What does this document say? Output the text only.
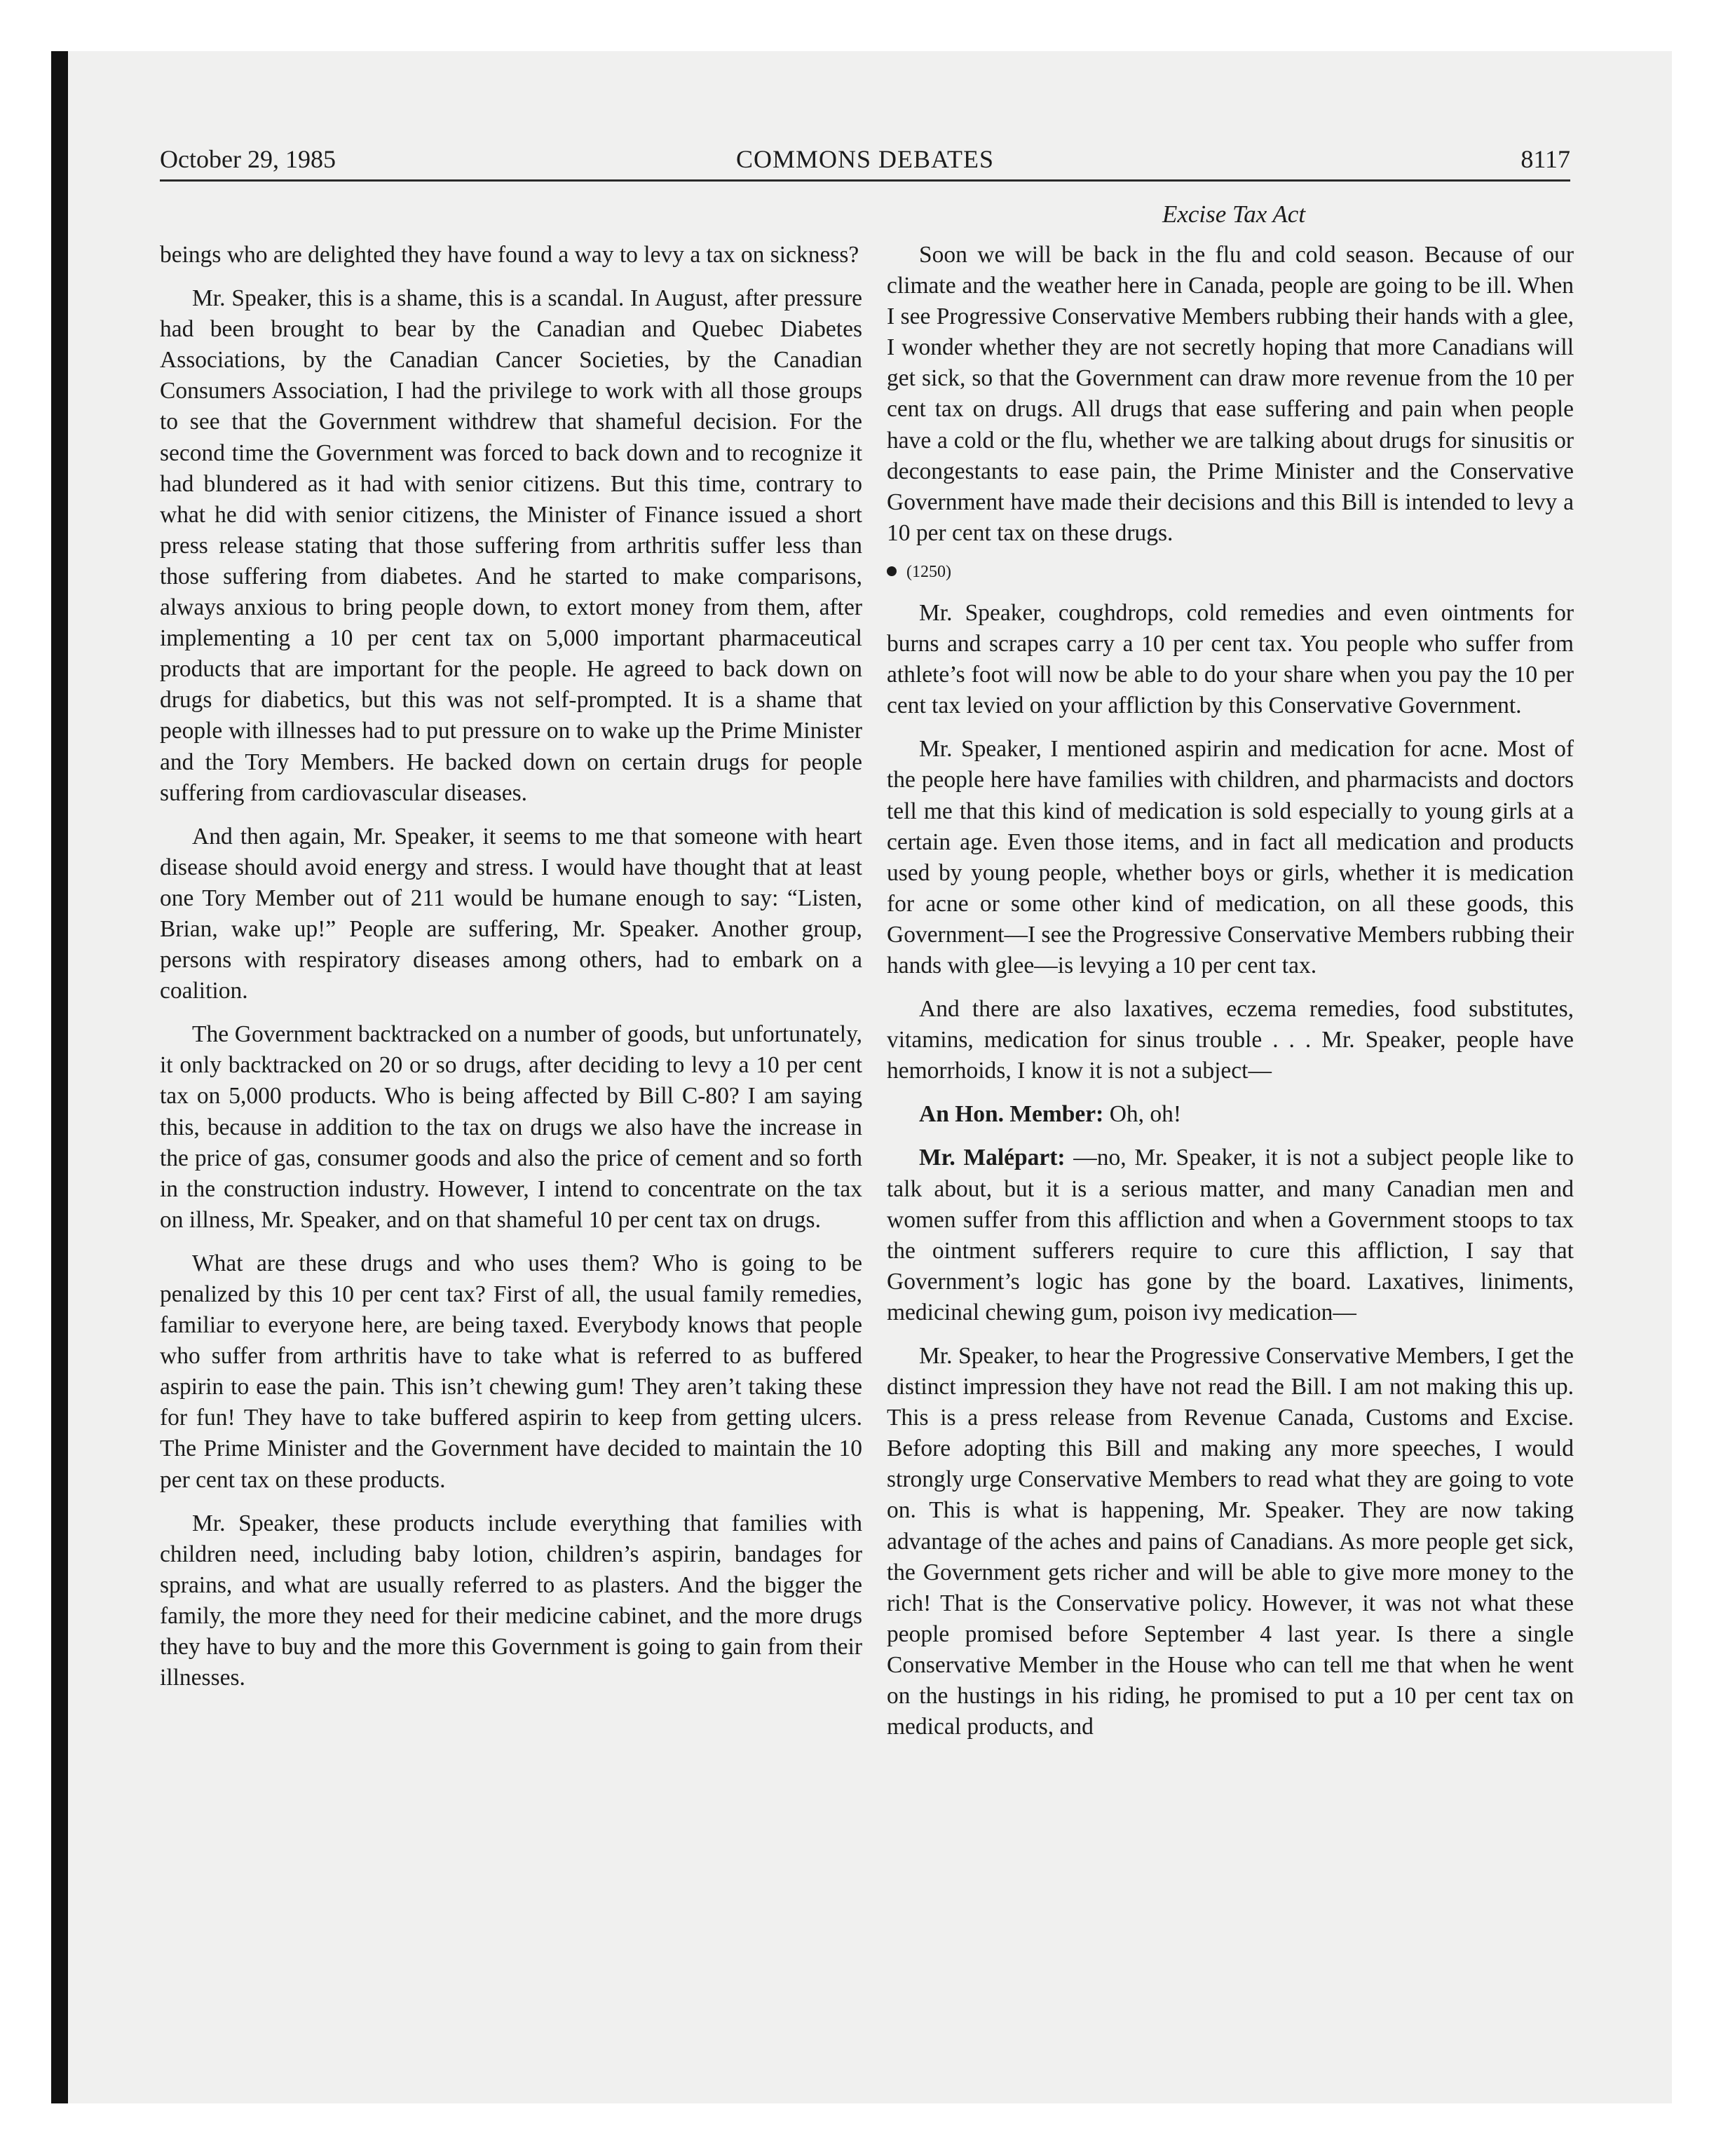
October 29, 1985	COMMONS DEBATES	8117
Excise Tax Act

beings who are delighted they have found a way to levy a tax on sickness?

Mr. Speaker, this is a shame, this is a scandal. In August, after pressure had been brought to bear by the Canadian and Quebec Diabetes Associations, by the Canadian Cancer Societies, by the Canadian Consumers Association, I had the privilege to work with all those groups to see that the Government withdrew that shameful decision. For the second time the Government was forced to back down and to recognize it had blundered as it had with senior citizens. But this time, contrary to what he did with senior citizens, the Minister of Finance issued a short press release stating that those suffering from arthritis suffer less than those suffering from diabetes. And he started to make comparisons, always anxious to bring people down, to extort money from them, after implementing a 10 per cent tax on 5,000 important pharmaceutical products that are important for the people. He agreed to back down on drugs for diabetics, but this was not self-prompted. It is a shame that people with illnesses had to put pressure on to wake up the Prime Minister and the Tory Members. He backed down on certain drugs for people suffering from cardiovascular diseases.

And then again, Mr. Speaker, it seems to me that someone with heart disease should avoid energy and stress. I would have thought that at least one Tory Member out of 211 would be humane enough to say: “Listen, Brian, wake up!” People are suffering, Mr. Speaker. Another group, persons with respiratory diseases among others, had to embark on a coalition.

The Government backtracked on a number of goods, but unfortunately, it only backtracked on 20 or so drugs, after deciding to levy a 10 per cent tax on 5,000 products. Who is being affected by Bill C-80? I am saying this, because in addition to the tax on drugs we also have the increase in the price of gas, consumer goods and also the price of cement and so forth in the construction industry. However, I intend to concentrate on the tax on illness, Mr. Speaker, and on that shameful 10 per cent tax on drugs.

What are these drugs and who uses them? Who is going to be penalized by this 10 per cent tax? First of all, the usual family remedies, familiar to everyone here, are being taxed. Everybody knows that people who suffer from arthritis have to take what is referred to as buffered aspirin to ease the pain. This isn’t chewing gum! They aren’t taking these for fun! They have to take buffered aspirin to keep from getting ulcers. The Prime Minister and the Government have decided to maintain the 10 per cent tax on these products.

Mr. Speaker, these products include everything that families with children need, including baby lotion, children’s aspirin, bandages for sprains, and what are usually referred to as plasters. And the bigger the family, the more they need for their medicine cabinet, and the more drugs they have to buy and the more this Government is going to gain from their illnesses.

Soon we will be back in the flu and cold season. Because of our climate and the weather here in Canada, people are going to be ill. When I see Progressive Conservative Members rubbing their hands with a glee, I wonder whether they are not secretly hoping that more Canadians will get sick, so that the Government can draw more revenue from the 10 per cent tax on drugs. All drugs that ease suffering and pain when people have a cold or the flu, whether we are talking about drugs for sinusitis or decongestants to ease pain, the Prime Minister and the Conservative Government have made their decisions and this Bill is intended to levy a 10 per cent tax on these drugs.

(1250)

Mr. Speaker, coughdrops, cold remedies and even ointments for burns and scrapes carry a 10 per cent tax. You people who suffer from athlete’s foot will now be able to do your share when you pay the 10 per cent tax levied on your affliction by this Conservative Government.

Mr. Speaker, I mentioned aspirin and medication for acne. Most of the people here have families with children, and pharmacists and doctors tell me that this kind of medication is sold especially to young girls at a certain age. Even those items, and in fact all medication and products used by young people, whether boys or girls, whether it is medication for acne or some other kind of medication, on all these goods, this Government—I see the Progressive Conservative Members rubbing their hands with glee—is levying a 10 per cent tax.

And there are also laxatives, eczema remedies, food substitutes, vitamins, medication for sinus trouble . . . Mr. Speaker, people have hemorrhoids, I know it is not a subject—

An Hon. Member: Oh, oh!

Mr. Malépart: —no, Mr. Speaker, it is not a subject people like to talk about, but it is a serious matter, and many Canadian men and women suffer from this affliction and when a Government stoops to tax the ointment sufferers require to cure this affliction, I say that Government’s logic has gone by the board. Laxatives, liniments, medicinal chewing gum, poison ivy medication—

Mr. Speaker, to hear the Progressive Conservative Members, I get the distinct impression they have not read the Bill. I am not making this up. This is a press release from Revenue Canada, Customs and Excise. Before adopting this Bill and making any more speeches, I would strongly urge Conservative Members to read what they are going to vote on. This is what is happening, Mr. Speaker. They are now taking advantage of the aches and pains of Canadians. As more people get sick, the Government gets richer and will be able to give more money to the rich! That is the Conservative policy. However, it was not what these people promised before September 4 last year. Is there a single Conservative Member in the House who can tell me that when he went on the hustings in his riding, he promised to put a 10 per cent tax on medical products, and
